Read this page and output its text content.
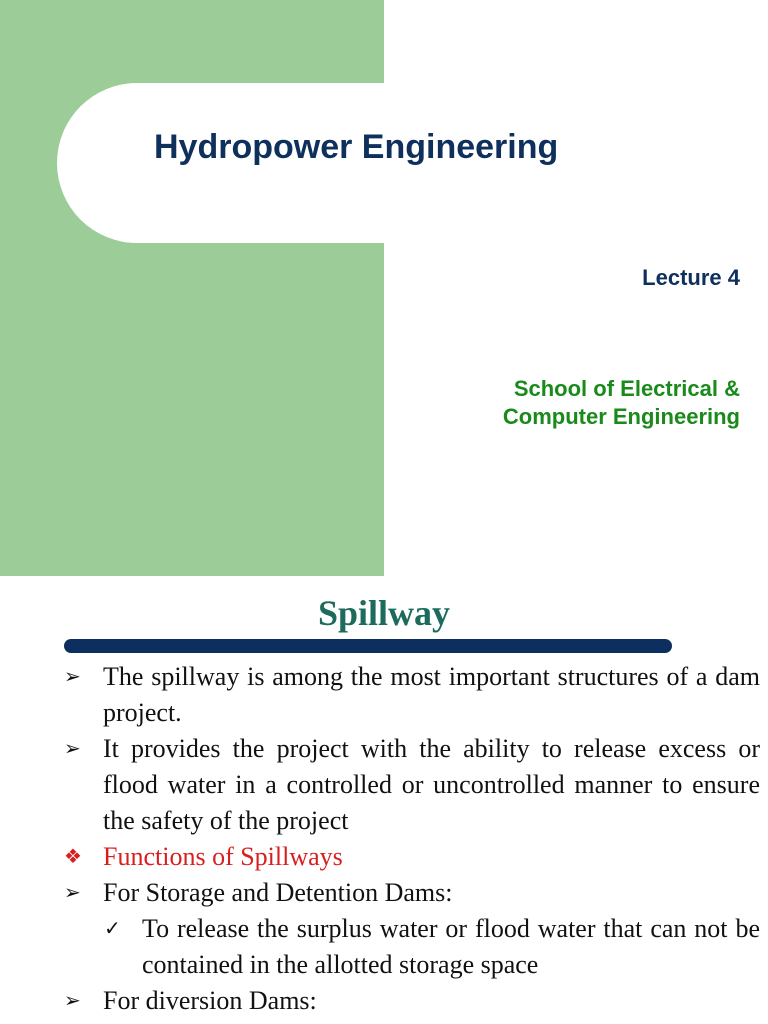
Hydropower Engineering
Lecture 4
School of Electrical &
Computer Engineering
Spillway
➢ The spillway is among the most important structures of a dam project.
➢ It provides the project with the ability to release excess or flood water in a controlled or uncontrolled manner to ensure the safety of the project
❖ Functions of Spillways
➢ For Storage and Detention Dams:
✓ To release the surplus water or flood water that can not be contained in the allotted storage space
➢ For diversion Dams:
